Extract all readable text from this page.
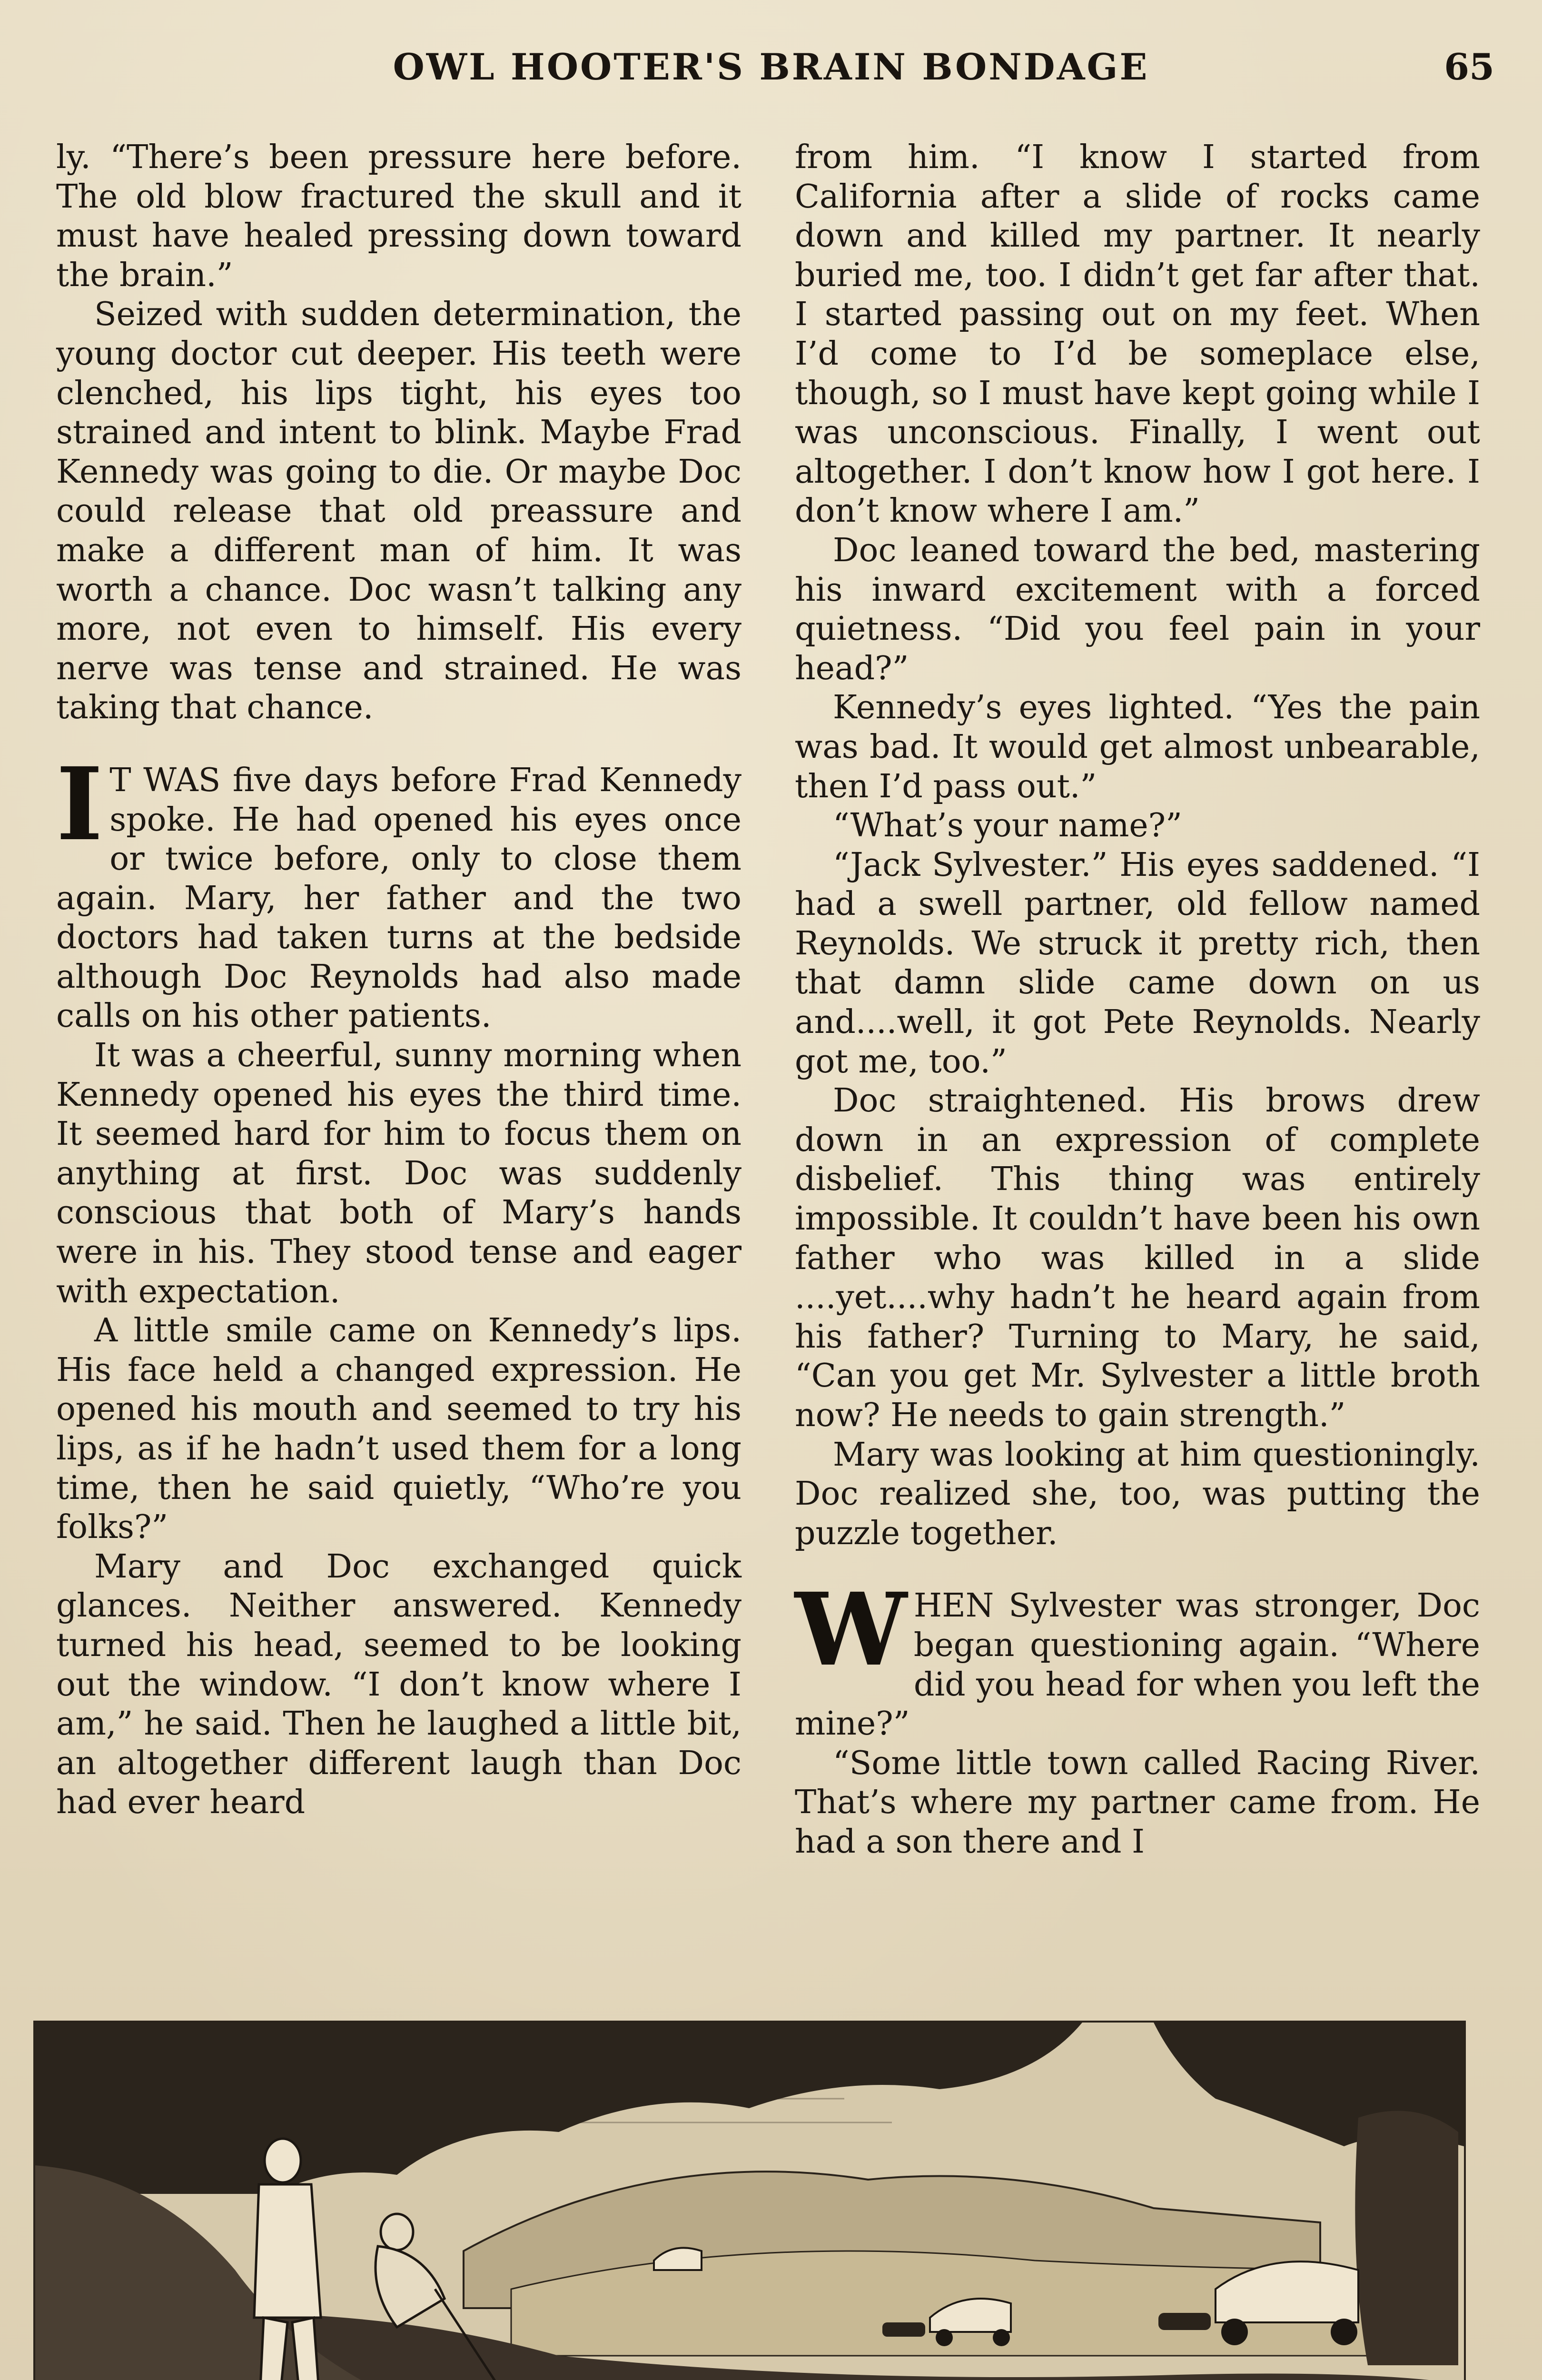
OWL HOOTER'S BRAIN BONDAGE	65

ly. “There’s been pressure here before. The old blow fractured the skull and it must have healed pressing down toward the brain.”

Seized with sudden determination, the young doctor cut deeper. His teeth were clenched, his lips tight, his eyes too strained and intent to blink. Maybe Frad Kennedy was going to die. Or maybe Doc could release that old preassure and make a different man of him. It was worth a chance. Doc wasn’t talking any more, not even to himself. His every nerve was tense and strained. He was taking that chance.

I T WAS five days before Frad Kennedy spoke. He had opened his eyes once or twice before, only to close them again. Mary, her father and the two doctors had taken turns at the bedside although Doc Reynolds had also made calls on his other patients.

It was a cheerful, sunny morning when Kennedy opened his eyes the third time. It seemed hard for him to focus them on anything at first. Doc was suddenly conscious that both of Mary’s hands were in his. They stood tense and eager with expectation.

A little smile came on Kennedy’s lips. His face held a changed expression. He opened his mouth and seemed to try his lips, as if he hadn’t used them for a long time, then he said quietly, “Who’re you folks?”

Mary and Doc exchanged quick glances. Neither answered. Kennedy turned his head, seemed to be looking out the window. “I don’t know where I am,” he said. Then he laughed a little bit, an altogether different laugh than Doc had ever heard

from him. “I know I started from California after a slide of rocks came down and killed my partner. It nearly buried me, too. I didn’t get far after that. I started passing out on my feet. When I’d come to I’d be someplace else, though, so I must have kept going while I was unconscious. Finally, I went out altogether. I don’t know how I got here. I don’t know where I am.”

Doc leaned toward the bed, mastering his inward excitement with a forced quietness. “Did you feel pain in your head?”

Kennedy’s eyes lighted. “Yes the pain was bad. It would get almost unbearable, then I’d pass out.”

“What’s your name?”

“Jack Sylvester.” His eyes saddened. “I had a swell partner, old fellow named Reynolds. We struck it pretty rich, then that damn slide came down on us and....well, it got Pete Reynolds. Nearly got me, too.”

Doc straightened. His brows drew down in an expression of complete disbelief. This thing was entirely impossible. It couldn’t have been his own father who was killed in a slide ....yet....why hadn’t he heard again from his father? Turning to Mary, he said, “Can you get Mr. Sylvester a little broth now? He needs to gain strength.”

Mary was looking at him questioningly. Doc realized she, too, was putting the puzzle together.

WHEN Sylvester was stronger, Doc began questioning again. “Where did you head for when you left the mine?”

“Some little town called Racing River. That’s where my partner came from. He had a son there and I
